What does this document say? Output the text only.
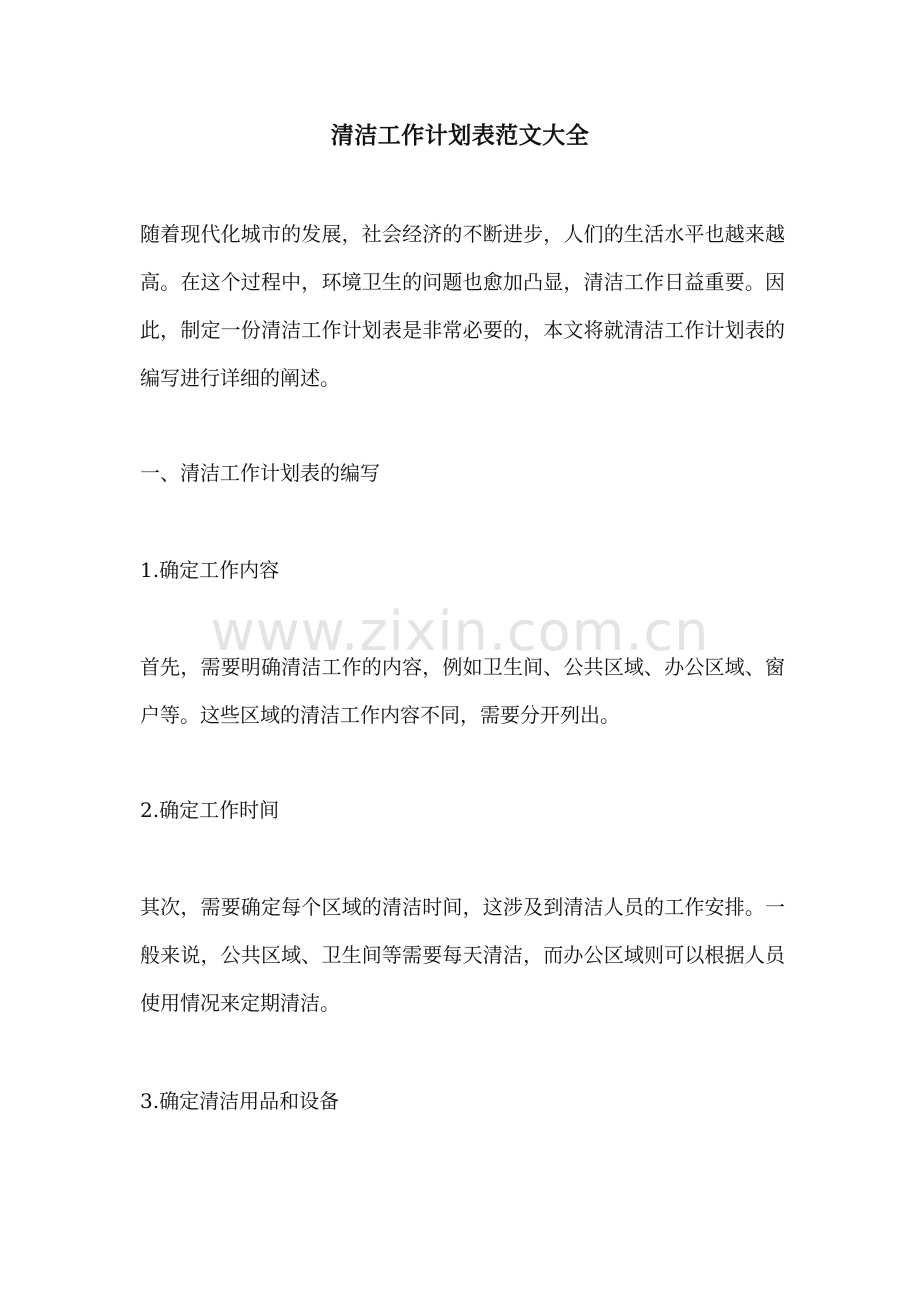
清洁工作计划表范文大全

随着现代化城市的发展，社会经济的不断进步，人们的生活水平也越来越高。在这个过程中，环境卫生的问题也愈加凸显，清洁工作日益重要。因此，制定一份清洁工作计划表是非常必要的，本文将就清洁工作计划表的编写进行详细的阐述。

一、清洁工作计划表的编写
1.确定工作内容

首先，需要明确清洁工作的内容，例如卫生间、公共区域、办公区域、窗户等。这些区域的清洁工作内容不同，需要分开列出。

2.确定工作时间

其次，需要确定每个区域的清洁时间，这涉及到清洁人员的工作安排。一般来说，公共区域、卫生间等需要每天清洁，而办公区域则可以根据人员使用情况来定期清洁。

3.确定清洁用品和设备
www.zixin.com.cn
